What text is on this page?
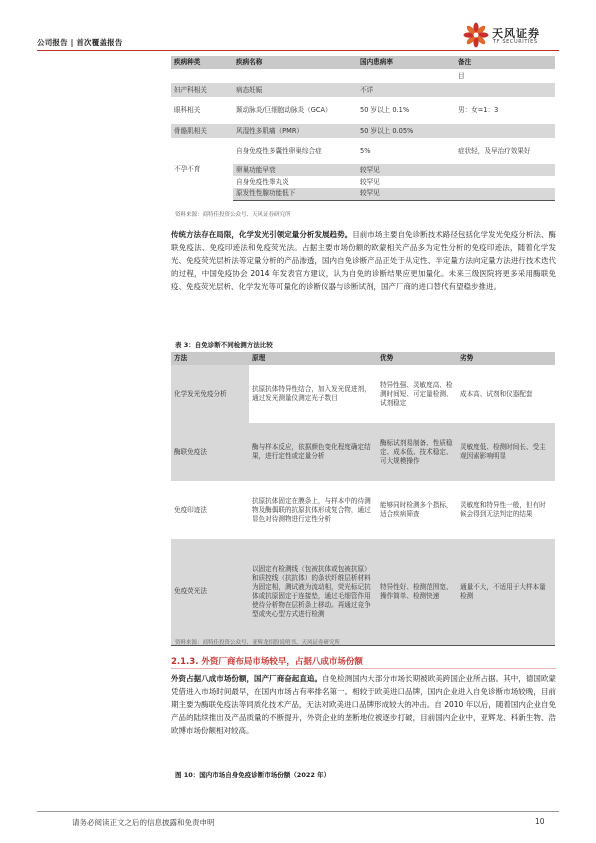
公司报告 | 首次覆盖报告
天风证券
TF SECURITIES
疾病种类	疾病名称	国内患病率	备注
			目
妇产科相关	病态妊娠	不详	
眼科相关	颞动脉炎/巨细胞动脉炎（GCA）	50 岁以上 0.1%	男：女=1：3
骨骼肌相关	风湿性多肌痛（PMR）	50 岁以上 0.05%	
不孕不育	自身免疫性多囊性卵巢综合症	5%	症状轻，及早治疗效果好
	卵巢功能早衰	较罕见	
	自身免疫性睾丸炎	较罕见	
	原发性性腺功能低下	较罕见	
资料来源：商特佳投资公众号、天风证券研究所
传统方法存在局限，化学发光引领定量分析发展趋势。目前市场主要自免诊断技术路径包括化学发光免疫分析法、酶联免疫法、免疫印迹法和免疫荧光法。占据主要市场份额的欧蒙相关产品多为定性分析的免疫印迹法，随着化学发光、免疫荧光层析法等定量分析的产品渗透，国内自免诊断产品正处于从定性、半定量方法向定量方法进行技术迭代的过程，中国免疫协会 2014 年发表官方建议，认为自免的诊断结果应更加量化。未来三级医院将更多采用酶联免疫、免疫荧光层析、化学发光等可量化的诊断仪器与诊断试剂，国产厂商的进口替代有望稳步推进。
表 3：自免诊断不同检测方法比较
方法	原理	优势	劣势
化学发光免疫分析	抗原抗体特异性结合，加入发光促进剂，通过发光测量仪测定光子数目	特异性强、灵敏度高、检测时间短、可定量检测、试剂稳定	成本高、试剂和仪器配套
酶联免疫法	酶与样本反应，依据颜色变化程度确定结果，进行定性或定量分析	酶标试剂易制备、性质稳定、成本低、技术稳定、可大规模操作	灵敏度低、检测时间长、受主观因素影响明显
免疫印迹法	抗原抗体固定在膜条上，与样本中的待测物及酶偶联的抗原抗体形成复合物，通过显色对待测物进行定性分析	能够同时检测多个指标，适合疾病筛查	灵敏度和特异性一般，但有时候会得到无法判定的结果
免疫荧光法	以固定有检测线（包被抗体或包被抗原）和质控线（抗抗体）的条状纤维层析材料为固定相，测试液为流动相，荧光标记抗体或抗原固定于连接垫，通过毛细管作用使待分析物在层析条上移动。再通过竞争型或夹心型方式进行检测	特异性好、检测范围宽、操作简单、检测快速	通量不大，不适用于大样本量检测
资料来源：商特佳投资公众号、亚辉龙招股说明书、天风证券研究所
2.1.3. 外资厂商布局市场较早，占据八成市场份额
外资占据八成市场份额，国产厂商奋起直追。自免检测国内大部分市场长期被欧美跨国企业所占据。其中，德国欧蒙凭借进入市场时间最早，在国内市场占有率排名第一。相较于欧美进口品牌，国内企业进入自免诊断市场较晚，目前期主要为酶联免疫法等同质化技术产品，无法对欧美进口品牌形成较大的冲击。自 2010 年以后，随着国内企业自免产品的陆续推出及产品质量的不断提升，外资企业的垄断地位被逐步打破，目前国内企业中，亚辉龙、科新生物、浩欧博市场份额相对较高。
图 10：国内市场自身免疫诊断市场份额（2022 年）
请务必阅读正文之后的信息披露和免责申明	10
